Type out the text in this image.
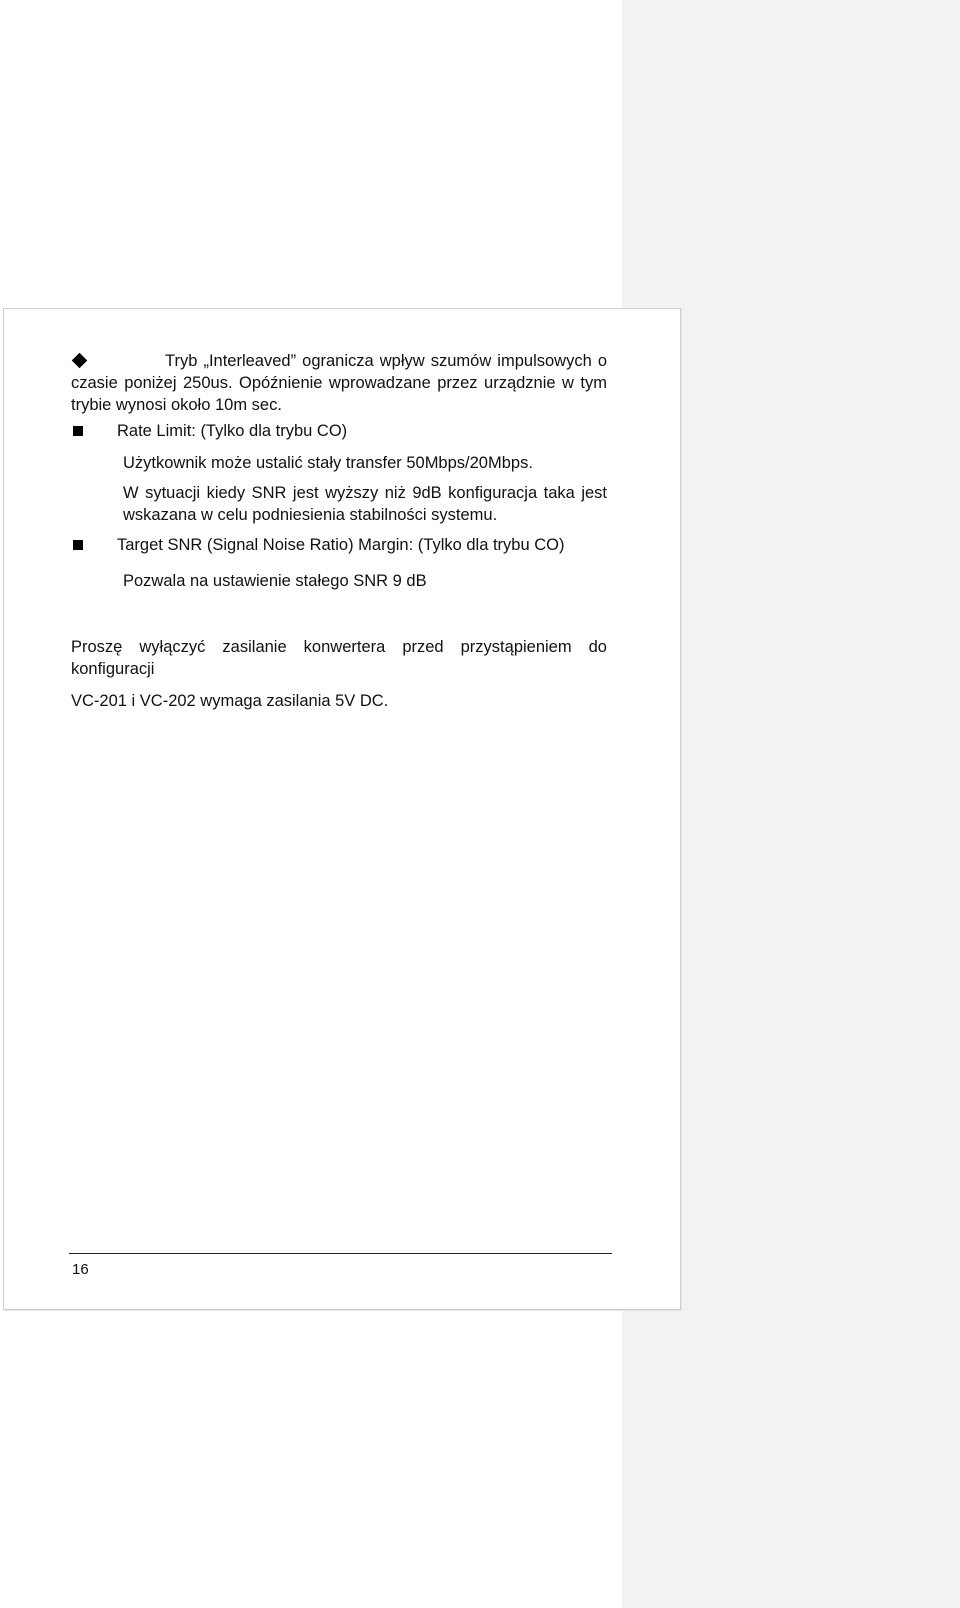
Tryb „Interleaved” ogranicza wpływ szumów impulsowych o czasie poniżej 250us. Opóźnienie wprowadzane przez urządznie w tym trybie wynosi około 10m sec.

Rate Limit: (Tylko dla trybu CO)

Użytkownik może ustalić stały transfer 50Mbps/20Mbps.

W sytuacji kiedy SNR jest wyższy niż 9dB konfiguracja taka jest wskazana w celu podniesienia stabilności systemu.

Target SNR (Signal Noise Ratio) Margin: (Tylko dla trybu CO)

Pozwala na ustawienie stałego SNR 9 dB

Proszę wyłączyć zasilanie konwertera przed przystąpieniem do konfiguracji

VC-201 i VC-202 wymaga zasilania 5V DC.

16
